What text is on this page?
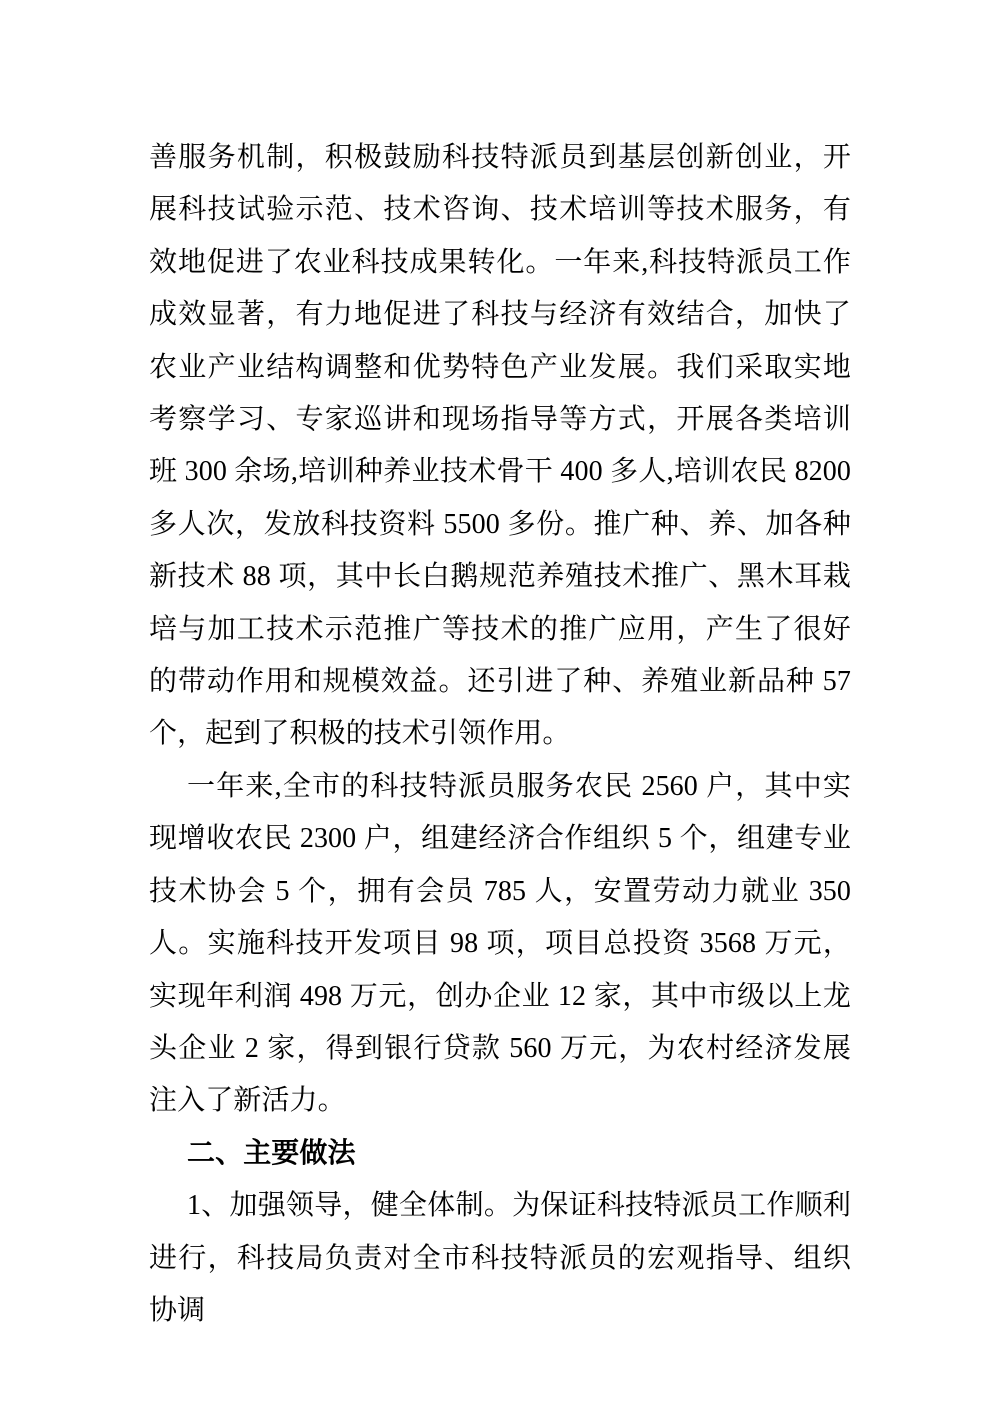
善服务机制，积极鼓励科技特派员到基层创新创业，开展科技试验示范、技术咨询、技术培训等技术服务，有效地促进了农业科技成果转化。一年来,科技特派员工作成效显著，有力地促进了科技与经济有效结合，加快了农业产业结构调整和优势特色产业发展。我们采取实地考察学习、专家巡讲和现场指导等方式，开展各类培训班 300 余场,培训种养业技术骨干 400 多人,培训农民 8200 多人次，发放科技资料 5500 多份。推广种、养、加各种新技术 88 项，其中长白鹅规范养殖技术推广、黑木耳栽培与加工技术示范推广等技术的推广应用，产生了很好的带动作用和规模效益。还引进了种、养殖业新品种 57 个，起到了积极的技术引领作用。

一年来,全市的科技特派员服务农民 2560 户，其中实现增收农民 2300 户，组建经济合作组织 5 个，组建专业技术协会 5 个，拥有会员 785 人，安置劳动力就业 350 人。实施科技开发项目 98 项，项目总投资 3568 万元，实现年利润 498 万元，创办企业 12 家，其中市级以上龙头企业 2 家，得到银行贷款 560 万元，为农村经济发展注入了新活力。

二、主要做法

1、加强领导，健全体制。为保证科技特派员工作顺利进行，科技局负责对全市科技特派员的宏观指导、组织协调
